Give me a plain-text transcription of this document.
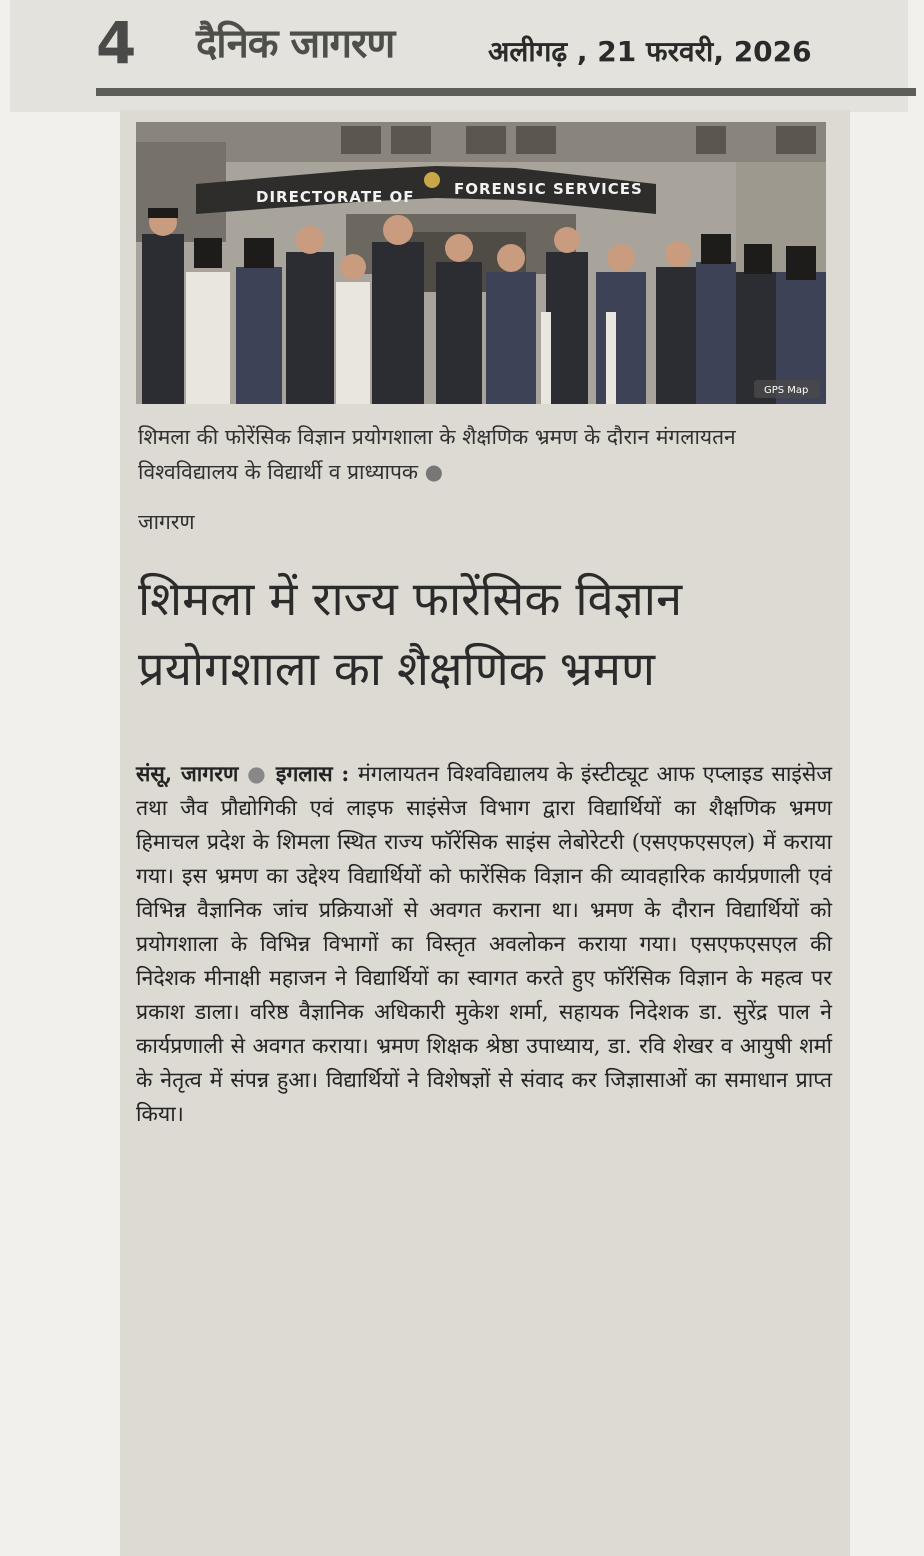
4 दैनिक जागरण	अलीगढ़ , 21 फरवरी, 2026
DIRECTORATE OF	FORENSIC SERVICES
GPS Map
शिमला की फोरेंसिक विज्ञान प्रयोगशाला के शैक्षणिक भ्रमण के दौरान मंगलायतन विश्वविद्यालय के विद्यार्थी व प्राध्यापक ●
जागरण
शिमला में राज्य फारेंसिक विज्ञान प्रयोगशाला का शैक्षणिक भ्रमण

संसू, जागरण ● इगलास : मंगलायतन विश्वविद्यालय के इंस्टीट्यूट आफ एप्लाइड साइंसेज तथा जैव प्रौद्योगिकी एवं लाइफ साइंसेज विभाग द्वारा विद्यार्थियों का शैक्षणिक भ्रमण हिमाचल प्रदेश के शिमला स्थित राज्य फॉरेंसिक साइंस लेबोरेटरी (एसएफएसएल) में कराया गया। इस भ्रमण का उद्देश्य विद्यार्थियों को फारेंसिक विज्ञान की व्यावहारिक कार्यप्रणाली एवं विभिन्न वैज्ञानिक जांच प्रक्रियाओं से अवगत कराना था। भ्रमण के दौरान विद्यार्थियों को प्रयोगशाला के विभिन्न विभागों का विस्तृत अवलोकन कराया गया। एसएफएसएल की निदेशक मीनाक्षी महाजन ने विद्यार्थियों का स्वागत करते हुए फॉरेंसिक विज्ञान के महत्व पर प्रकाश डाला। वरिष्ठ वैज्ञानिक अधिकारी मुकेश शर्मा, सहायक निदेशक डा. सुरेंद्र पाल ने कार्यप्रणाली से अवगत कराया। भ्रमण शिक्षक श्रेष्ठा उपाध्याय, डा. रवि शेखर व आयुषी शर्मा के नेतृत्व में संपन्न हुआ। विद्यार्थियों ने विशेषज्ञों से संवाद कर जिज्ञासाओं का समाधान प्राप्त किया।
